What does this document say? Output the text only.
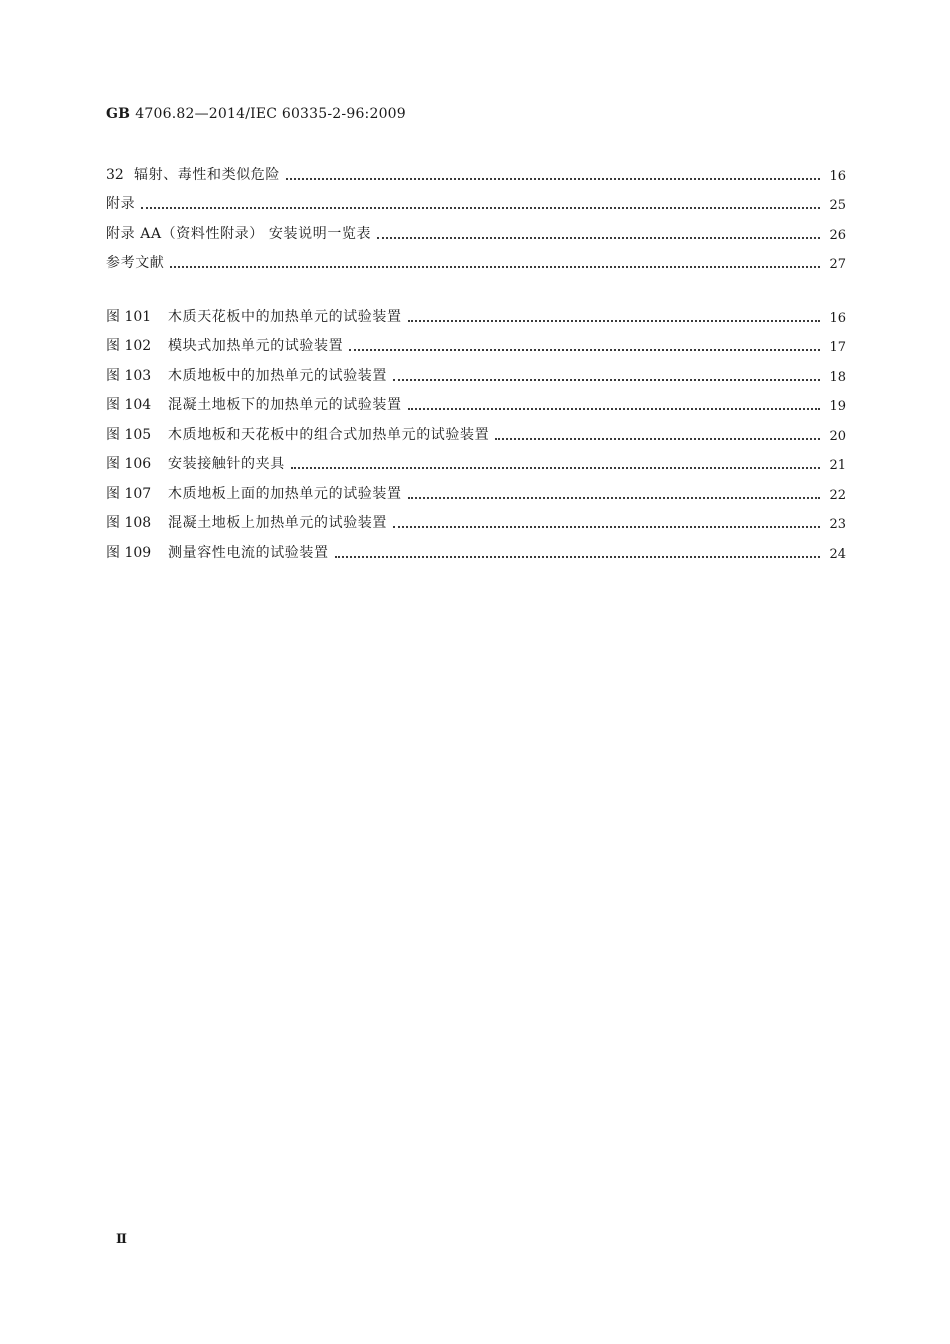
GB 4706.82—2014/IEC 60335-2-96:2009
32 辐射、毒性和类似危险	16
附录	25
附录 AA（资料性附录） 安装说明一览表	26
参考文献	27
图 101	木质天花板中的加热单元的试验装置	16
图 102	模块式加热单元的试验装置	17
图 103	木质地板中的加热单元的试验装置	18
图 104	混凝土地板下的加热单元的试验装置	19
图 105	木质地板和天花板中的组合式加热单元的试验装置	20
图 106	安装接触针的夹具	21
图 107	木质地板上面的加热单元的试验装置	22
图 108	混凝土地板上加热单元的试验装置	23
图 109	测量容性电流的试验装置	24
Ⅱ
